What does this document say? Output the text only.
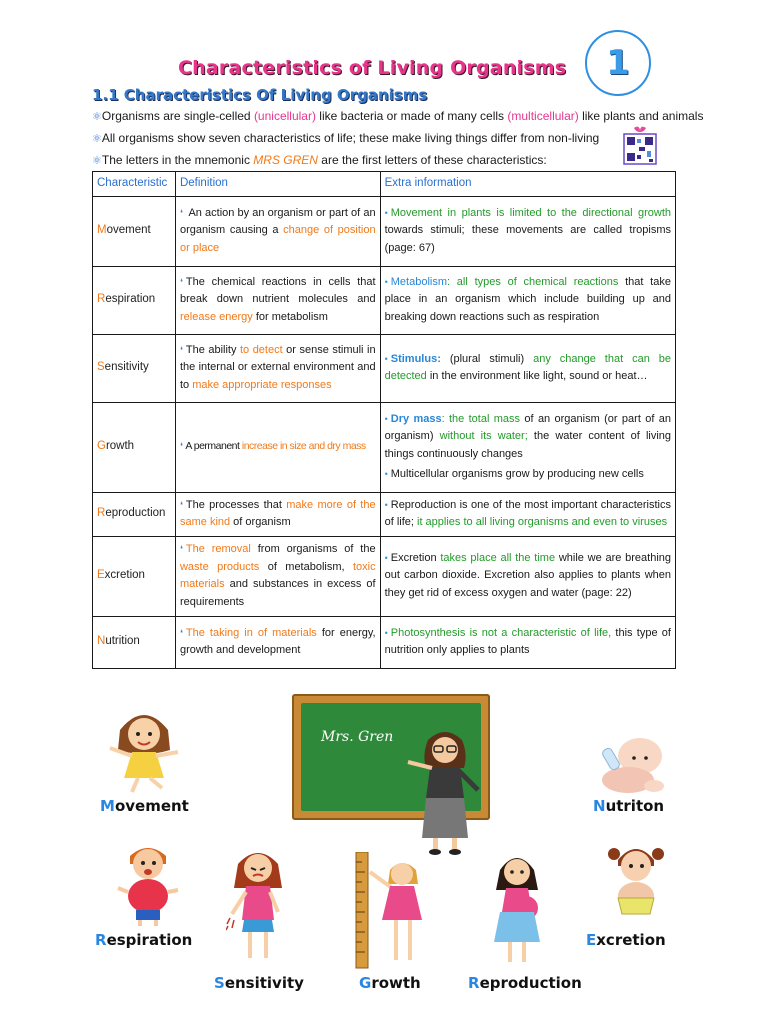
Characteristics of Living Organisms 1
1.1 Characteristics Of Living Organisms
⚛Organisms are single-celled (unicellular) like bacteria or made of many cells (multicellular) like plants and animals
⚛All organisms show seven characteristics of life; these make living things differ from non-living
⚛The letters in the mnemonic MRS GREN are the first letters of these characteristics:
Characteristic	Definition	Extra information
Movement	❛ An action by an organism or part of an organism causing a change of position or place	• Movement in plants is limited to the directional growth towards stimuli; these movements are called tropisms (page: 67)
Respiration	❛ The chemical reactions in cells that break down nutrient molecules and release energy for metabolism	• Metabolism: all types of chemical reactions that take place in an organism which include building up and breaking down reactions such as respiration
Sensitivity	❛ The ability to detect or sense stimuli in the internal or external environment and to make appropriate responses	• Stimulus: (plural stimuli) any change that can be detected in the environment like light, sound or heat…
Growth	❛ A permanent increase in size and dry mass	• Dry mass: the total mass of an organism (or part of an organism) without its water; the water content of living things continuously changes
• Multicellular organisms grow by producing new cells

Reproduction	❛ The processes that make more of the same kind of organism	• Reproduction is one of the most important characteristics of life; it applies to all living organisms and even to viruses
Excretion	❛ The removal from organisms of the waste products of metabolism, toxic materials and substances in excess of requirements	• Excretion takes place all the time while we are breathing out carbon dioxide. Excretion also applies to plants when they get rid of excess oxygen and water (page: 22)
Nutrition	❛ The taking in of materials for energy, growth and development	• Photosynthesis is not a characteristic of life, this type of nutrition only applies to plants
Mrs. Gren
Movement	Nutriton
Respiration	Excretion
Sensitivity	Growth	Reproduction
